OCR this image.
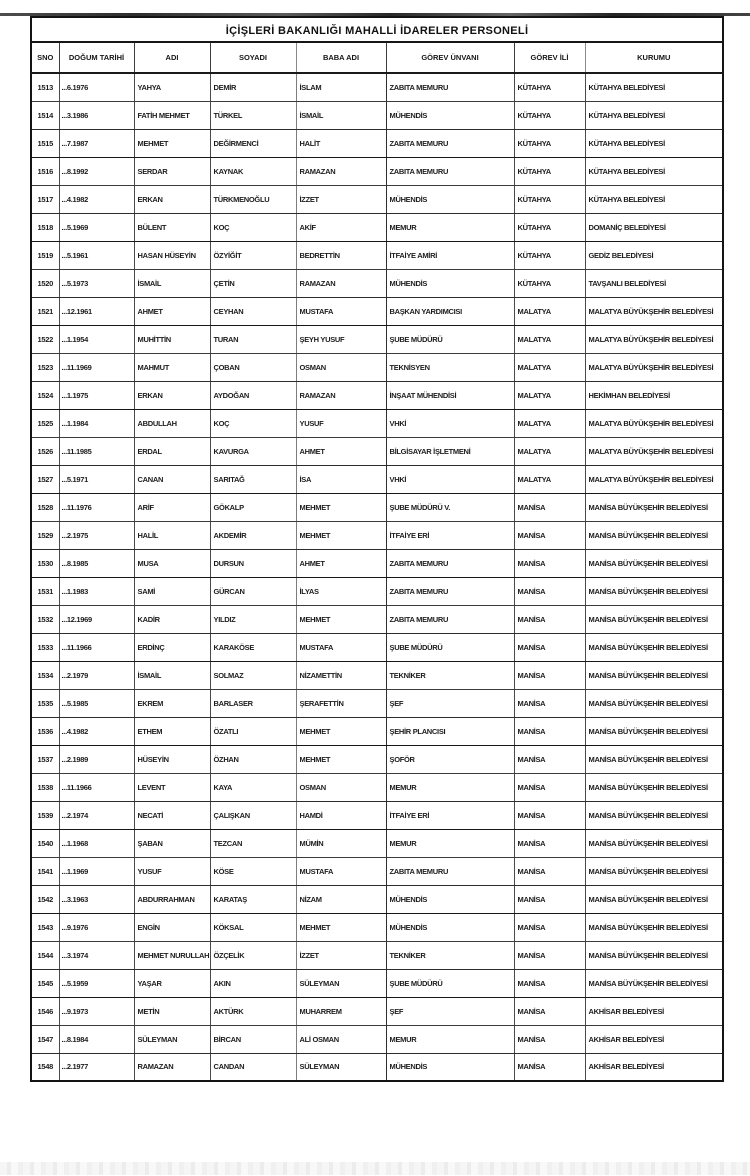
İÇİŞLERİ BAKANLIĞI MAHALLİ İDARELER PERSONELİ							
SNO	DOĞUM TARİHİ	ADI	SOYADI	BABA ADI	GÖREV ÜNVANI	GÖREV İLİ	KURUMU
1513	...6.1976	YAHYA	DEMİR	İSLAM	ZABITA MEMURU	KÜTAHYA	KÜTAHYA BELEDİYESİ
1514	...3.1986	FATİH MEHMET	TÜRKEL	İSMAİL	MÜHENDİS	KÜTAHYA	KÜTAHYA BELEDİYESİ
1515	...7.1987	MEHMET	DEĞİRMENCİ	HALİT	ZABITA MEMURU	KÜTAHYA	KÜTAHYA BELEDİYESİ
1516	...8.1992	SERDAR	KAYNAK	RAMAZAN	ZABITA MEMURU	KÜTAHYA	KÜTAHYA BELEDİYESİ
1517	...4.1982	ERKAN	TÜRKMENOĞLU	İZZET	MÜHENDİS	KÜTAHYA	KÜTAHYA BELEDİYESİ
1518	...5.1969	BÜLENT	KOÇ	AKİF	MEMUR	KÜTAHYA	DOMANİÇ BELEDİYESİ
1519	...5.1961	HASAN HÜSEYİN	ÖZYİĞİT	BEDRETTİN	İTFAİYE AMİRİ	KÜTAHYA	GEDİZ BELEDİYESİ
1520	...5.1973	İSMAİL	ÇETİN	RAMAZAN	MÜHENDİS	KÜTAHYA	TAVŞANLI BELEDİYESİ
1521	...12.1961	AHMET	CEYHAN	MUSTAFA	BAŞKAN YARDIMCISI	MALATYA	MALATYA BÜYÜKŞEHİR BELEDİYESİ
1522	...1.1954	MUHİTTİN	TURAN	ŞEYH YUSUF	ŞUBE MÜDÜRÜ	MALATYA	MALATYA BÜYÜKŞEHİR BELEDİYESİ
1523	...11.1969	MAHMUT	ÇOBAN	OSMAN	TEKNİSYEN	MALATYA	MALATYA BÜYÜKŞEHİR BELEDİYESİ
1524	...1.1975	ERKAN	AYDOĞAN	RAMAZAN	İNŞAAT MÜHENDİSİ	MALATYA	HEKİMHAN BELEDİYESİ
1525	...1.1984	ABDULLAH	KOÇ	YUSUF	VHKİ	MALATYA	MALATYA BÜYÜKŞEHİR BELEDİYESİ
1526	...11.1985	ERDAL	KAVURGA	AHMET	BİLGİSAYAR İŞLETMENİ	MALATYA	MALATYA BÜYÜKŞEHİR BELEDİYESİ
1527	...5.1971	CANAN	SARITAĞ	İSA	VHKİ	MALATYA	MALATYA BÜYÜKŞEHİR BELEDİYESİ
1528	...11.1976	ARİF	GÖKALP	MEHMET	ŞUBE MÜDÜRÜ V.	MANİSA	MANİSA BÜYÜKŞEHİR BELEDİYESİ
1529	...2.1975	HALİL	AKDEMİR	MEHMET	İTFAİYE ERİ	MANİSA	MANİSA BÜYÜKŞEHİR BELEDİYESİ
1530	...8.1985	MUSA	DURSUN	AHMET	ZABITA MEMURU	MANİSA	MANİSA BÜYÜKŞEHİR BELEDİYESİ
1531	...1.1983	SAMİ	GÜRCAN	İLYAS	ZABITA MEMURU	MANİSA	MANİSA BÜYÜKŞEHİR BELEDİYESİ
1532	...12.1969	KADİR	YILDIZ	MEHMET	ZABITA MEMURU	MANİSA	MANİSA BÜYÜKŞEHİR BELEDİYESİ
1533	...11.1966	ERDİNÇ	KARAKÖSE	MUSTAFA	ŞUBE MÜDÜRÜ	MANİSA	MANİSA BÜYÜKŞEHİR BELEDİYESİ
1534	...2.1979	İSMAİL	SOLMAZ	NİZAMETTİN	TEKNİKER	MANİSA	MANİSA BÜYÜKŞEHİR BELEDİYESİ
1535	...5.1985	EKREM	BARLASER	ŞERAFETTİN	ŞEF	MANİSA	MANİSA BÜYÜKŞEHİR BELEDİYESİ
1536	...4.1982	ETHEM	ÖZATLI	MEHMET	ŞEHİR PLANCISI	MANİSA	MANİSA BÜYÜKŞEHİR BELEDİYESİ
1537	...2.1989	HÜSEYİN	ÖZHAN	MEHMET	ŞOFÖR	MANİSA	MANİSA BÜYÜKŞEHİR BELEDİYESİ
1538	...11.1966	LEVENT	KAYA	OSMAN	MEMUR	MANİSA	MANİSA BÜYÜKŞEHİR BELEDİYESİ
1539	...2.1974	NECATİ	ÇALIŞKAN	HAMDİ	İTFAİYE ERİ	MANİSA	MANİSA BÜYÜKŞEHİR BELEDİYESİ
1540	...1.1968	ŞABAN	TEZCAN	MÜMİN	MEMUR	MANİSA	MANİSA BÜYÜKŞEHİR BELEDİYESİ
1541	...1.1969	YUSUF	KÖSE	MUSTAFA	ZABITA MEMURU	MANİSA	MANİSA BÜYÜKŞEHİR BELEDİYESİ
1542	...3.1963	ABDURRAHMAN	KARATAŞ	NİZAM	MÜHENDİS	MANİSA	MANİSA BÜYÜKŞEHİR BELEDİYESİ
1543	...9.1976	ENGİN	KÖKSAL	MEHMET	MÜHENDİS	MANİSA	MANİSA BÜYÜKŞEHİR BELEDİYESİ
1544	...3.1974	MEHMET NURULLAH	ÖZÇELİK	İZZET	TEKNİKER	MANİSA	MANİSA BÜYÜKŞEHİR BELEDİYESİ
1545	...5.1959	YAŞAR	AKIN	SÜLEYMAN	ŞUBE MÜDÜRÜ	MANİSA	MANİSA BÜYÜKŞEHİR BELEDİYESİ
1546	...9.1973	METİN	AKTÜRK	MUHARREM	ŞEF	MANİSA	AKHİSAR BELEDİYESİ
1547	...8.1984	SÜLEYMAN	BİRCAN	ALİ OSMAN	MEMUR	MANİSA	AKHİSAR BELEDİYESİ
1548	...2.1977	RAMAZAN	CANDAN	SÜLEYMAN	MÜHENDİS	MANİSA	AKHİSAR BELEDİYESİ
